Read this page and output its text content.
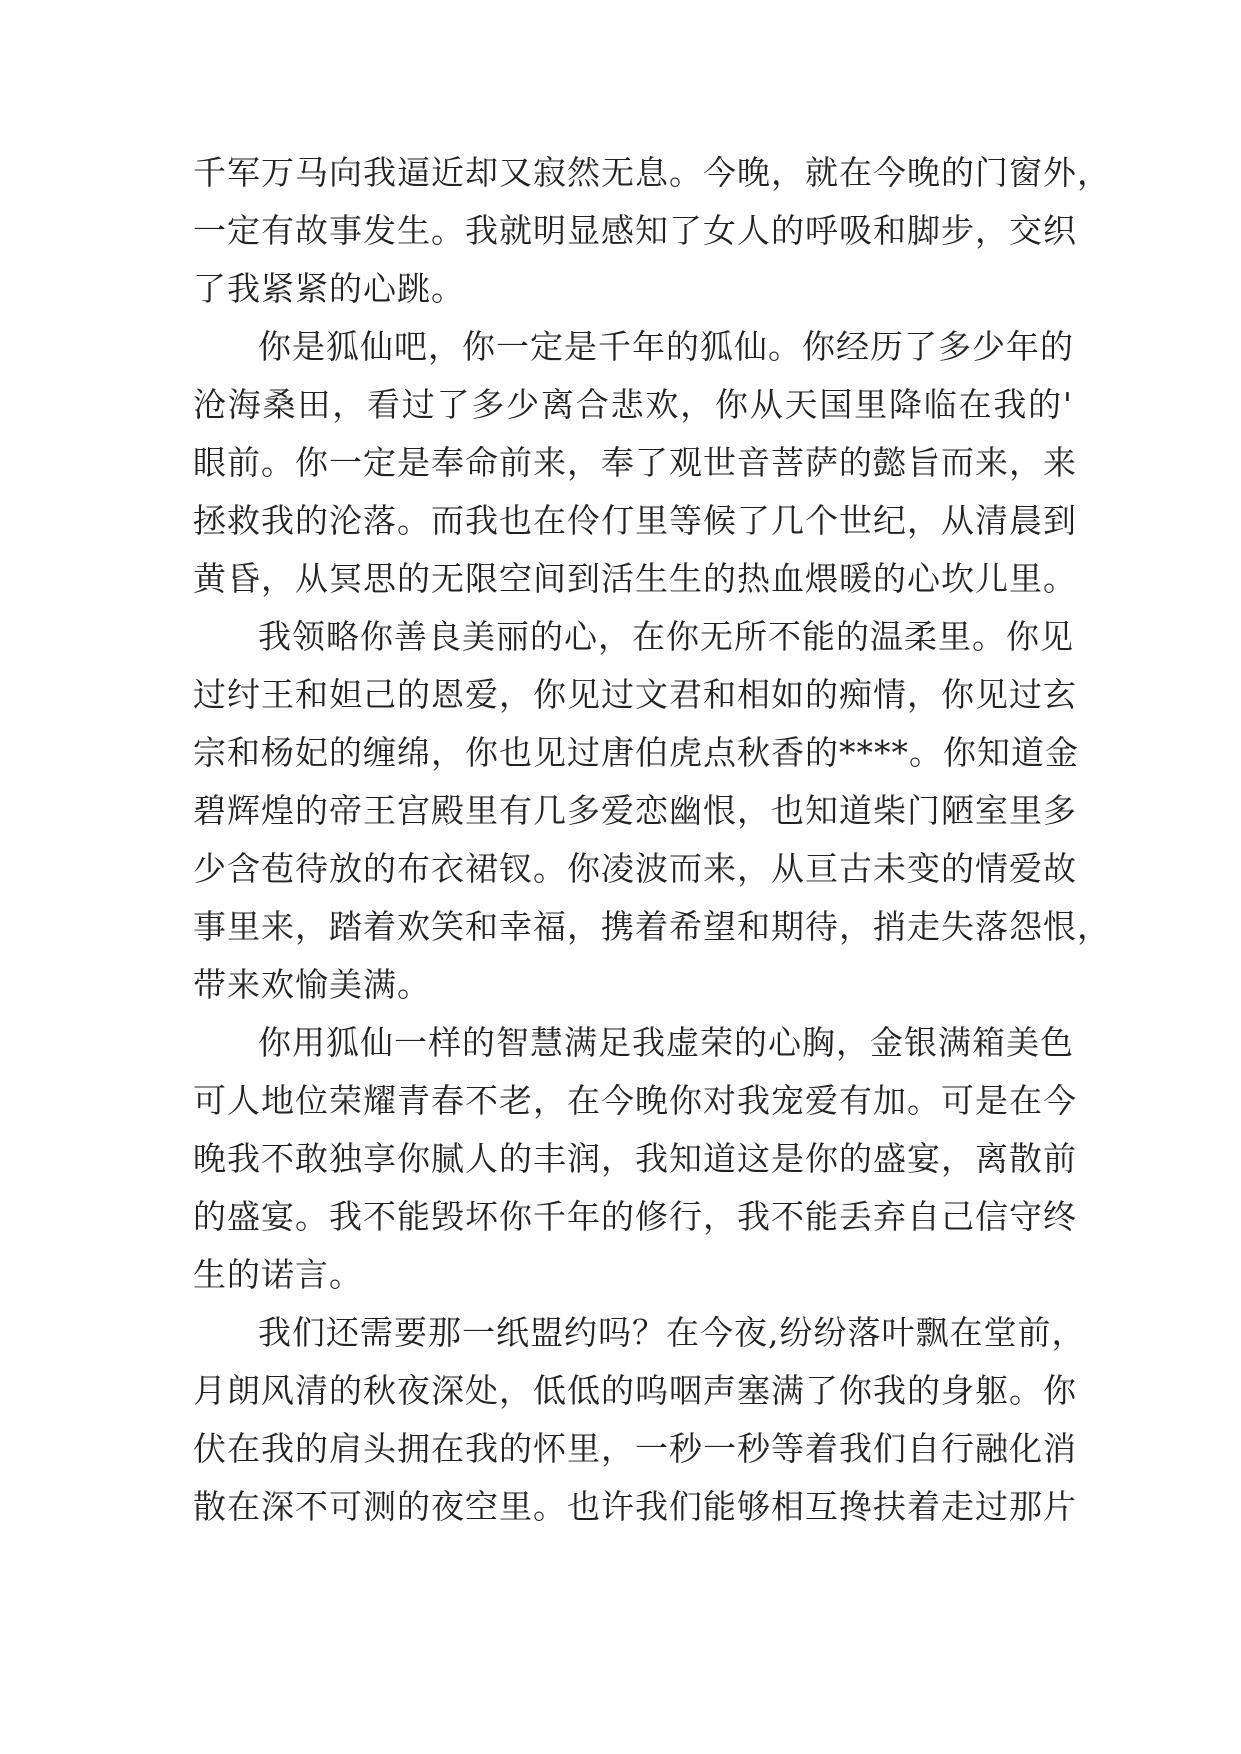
千军万马向我逼近却又寂然无息。今晚，就在今晚的门窗外，
一定有故事发生。我就明显感知了女人的呼吸和脚步，交织
了我紧紧的心跳。
你是狐仙吧，你一定是千年的狐仙。你经历了多少年的
沧海桑田，看过了多少离合悲欢，你从天国里降临在我的'
眼前。你一定是奉命前来，奉了观世音菩萨的懿旨而来，来
拯救我的沦落。而我也在伶仃里等候了几个世纪，从清晨到
黄昏，从冥思的无限空间到活生生的热血煨暖的心坎儿里。
我领略你善良美丽的心，在你无所不能的温柔里。你见
过纣王和妲己的恩爱，你见过文君和相如的痴情，你见过玄
宗和杨妃的缠绵，你也见过唐伯虎点秋香的****。你知道金
碧辉煌的帝王宫殿里有几多爱恋幽恨，也知道柴门陋室里多
少含苞待放的布衣裙钗。你凌波而来，从亘古未变的情爱故
事里来，踏着欢笑和幸福，携着希望和期待，捎走失落怨恨，
带来欢愉美满。
你用狐仙一样的智慧满足我虚荣的心胸，金银满箱美色
可人地位荣耀青春不老，在今晚你对我宠爱有加。可是在今
晚我不敢独享你腻人的丰润，我知道这是你的盛宴，离散前
的盛宴。我不能毁坏你千年的修行，我不能丢弃自己信守终
生的诺言。
我们还需要那一纸盟约吗？在今夜,纷纷落叶飘在堂前，
月朗风清的秋夜深处，低低的呜咽声塞满了你我的身躯。你
伏在我的肩头拥在我的怀里，一秒一秒等着我们自行融化消
散在深不可测的夜空里。也许我们能够相互搀扶着走过那片
